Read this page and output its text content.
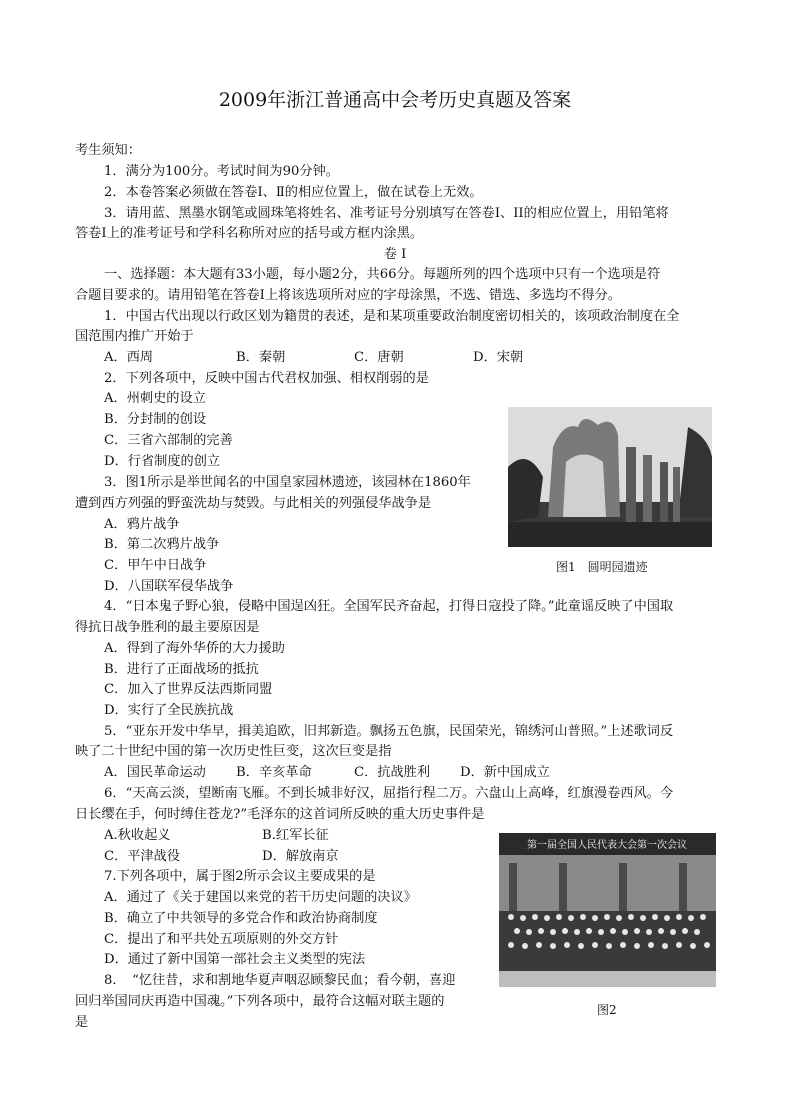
2009年浙江普通高中会考历史真题及答案
考生须知：
1．满分为100分。考试时间为90分钟。
2．本卷答案必须做在答卷Ⅰ、Ⅱ的相应位置上，做在试卷上无效。
3．请用蓝、黑墨水钢笔或圆珠笔将姓名、准考证号分别填写在答卷Ⅰ、II的相应位置上，用铅笔将
答卷Ⅰ上的准考证号和学科名称所对应的括号或方框内涂黑。
卷 Ⅰ
一、选择题：本大题有33小题，每小题2分，共66分。每题所列的四个选项中只有一个选项是符
合题目要求的。请用铅笔在答卷Ⅰ上将该选项所对应的字母涂黑，不选、错选、多选均不得分。
1．中国古代出现以行政区划为籍贯的表述，是和某项重要政治制度密切相关的，该项政治制度在全
国范围内推广开始于
A．西周	B．秦朝	C．唐朝	D．宋朝
2．下列各项中，反映中国古代君权加强、相权削弱的是
A．州刺史的设立
B．分封制的创设
C．三省六部制的完善
D．行省制度的创立
图1　圆明园遗迹
3．图1所示是举世闻名的中国皇家园林遗迹，该园林在1860年
遭到西方列强的野蛮洗劫与焚毁。与此相关的列强侵华战争是
A．鸦片战争
B．第二次鸦片战争
C．甲午中日战争
D．八国联军侵华战争
4．“日本鬼子野心狼，侵略中国逞凶狂。全国军民齐奋起，打得日寇投了降。”此童谣反映了中国取
得抗日战争胜利的最主要原因是
A．得到了海外华侨的大力援助
B．进行了正面战场的抵抗
C．加入了世界反法西斯同盟
D．实行了全民族抗战
5．“亚东开发中华早，揖美追欧，旧邦新造。飘扬五色旗，民国荣光，锦绣河山普照。”上述歌词反
映了二十世纪中国的第一次历史性巨变，这次巨变是指
A．国民革命运动 B．辛亥革命	C．抗战胜利 D．新中国成立
6．“天高云淡，望断南飞雁。不到长城非好汉，屈指行程二万。六盘山上高峰，红旗漫卷西风。今
日长缨在手，何时缚住苍龙?”毛泽东的这首词所反映的重大历史事件是
A.秋收起义	B.红军长征
C．平津战役	D．解放南京
第一届全国人民代表大会第一次会议
图2
7.下列各项中，属于图2所示会议主要成果的是
A．通过了《关于建国以来党的若干历史问题的决议》
B．确立了中共领导的多党合作和政治协商制度
C．提出了和平共处五项原则的外交方针
D．通过了新中国第一部社会主义类型的宪法
8．　“忆往昔，求和割地华夏声咽忍顾黎民血；看今朝，喜迎
回归举国同庆再造中国魂。”下列各项中，最符合这幅对联主题的
是
